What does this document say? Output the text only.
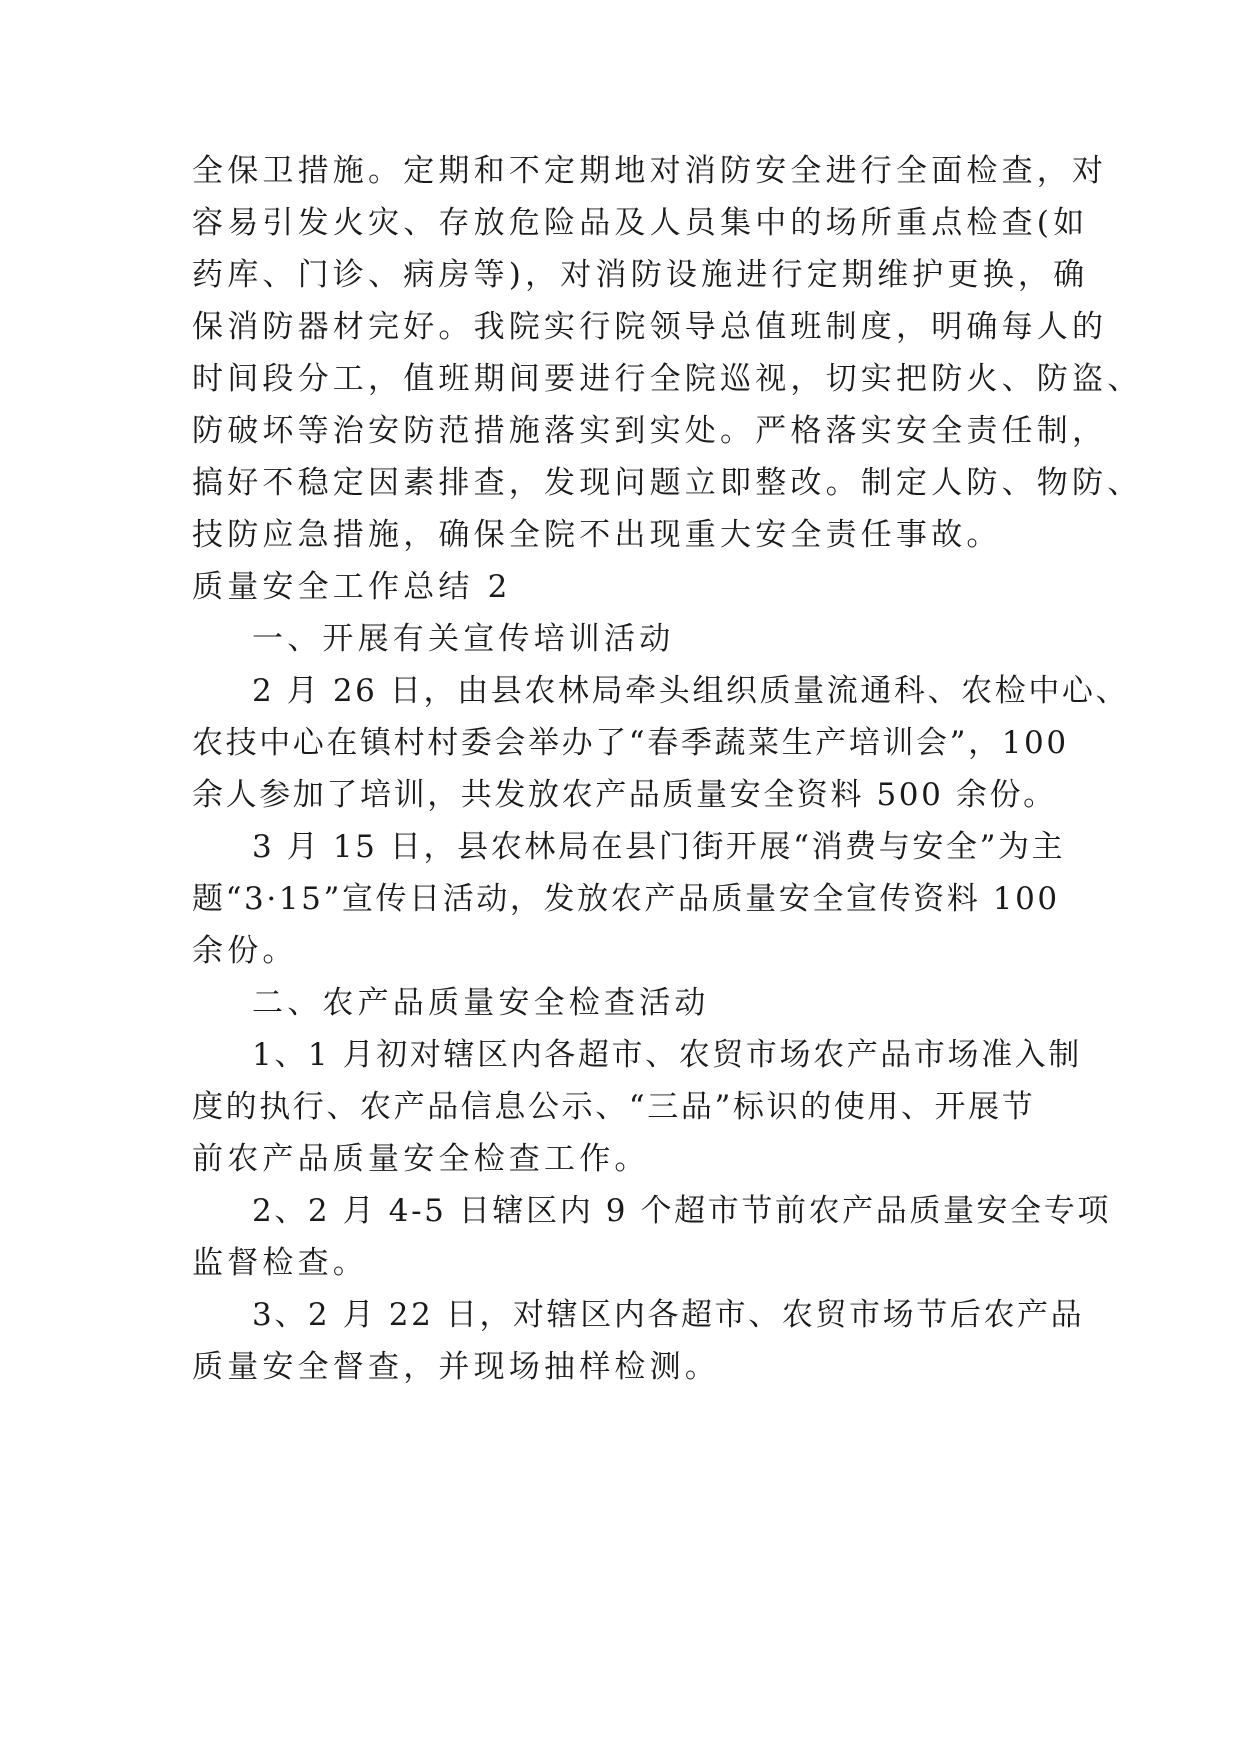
全保卫措施。定期和不定期地对消防安全进行全面检查，对
容易引发火灾、存放危险品及人员集中的场所重点检查(如
药库、门诊、病房等)，对消防设施进行定期维护更换，确
保消防器材完好。我院实行院领导总值班制度，明确每人的
时间段分工，值班期间要进行全院巡视，切实把防火、防盗、
防破坏等治安防范措施落实到实处。严格落实安全责任制，
搞好不稳定因素排查，发现问题立即整改。制定人防、物防、
技防应急措施，确保全院不出现重大安全责任事故。
质量安全工作总结 2
一、开展有关宣传培训活动
2 月 26 日，由县农林局牵头组织质量流通科、农检中心、
农技中心在镇村村委会举办了“春季蔬菜生产培训会”，100
余人参加了培训，共发放农产品质量安全资料 500 余份。
3 月 15 日，县农林局在县门街开展“消费与安全”为主
题“3·15”宣传日活动，发放农产品质量安全宣传资料 100
余份。
二、农产品质量安全检查活动
1、1 月初对辖区内各超市、农贸市场农产品市场准入制
度的执行、农产品信息公示、“三品”标识的使用、开展节
前农产品质量安全检查工作。
2、2 月 4-5 日辖区内 9 个超市节前农产品质量安全专项
监督检查。
3、2 月 22 日，对辖区内各超市、农贸市场节后农产品
质量安全督查，并现场抽样检测。
